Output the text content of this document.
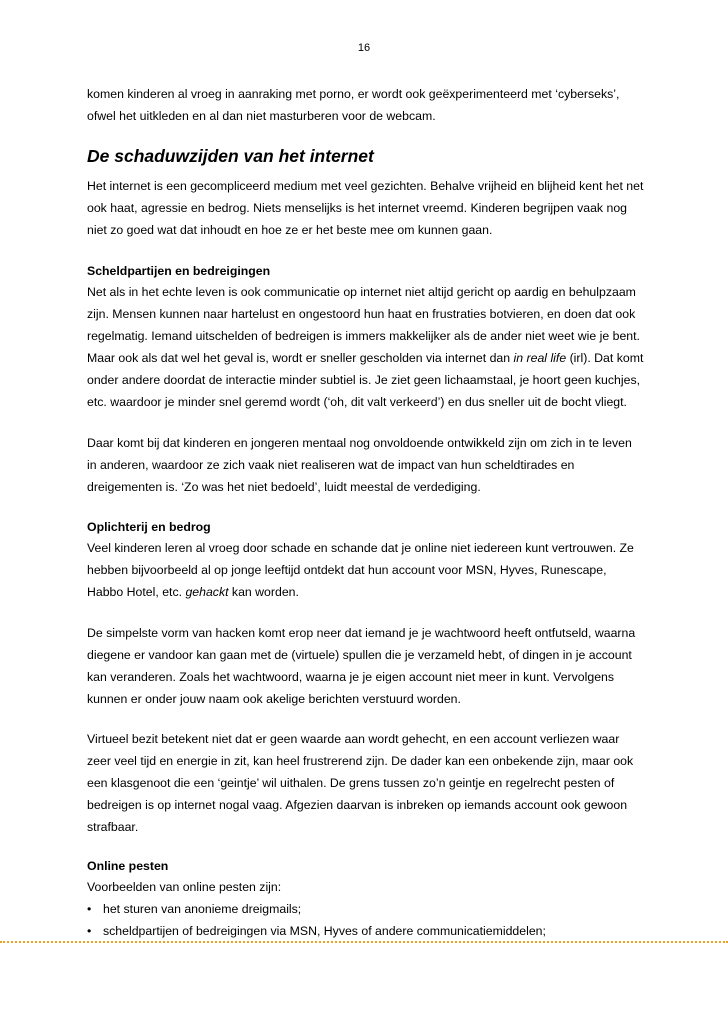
16
komen kinderen al vroeg in aanraking met porno, er wordt ook geëxperimenteerd met ‘cyberseks’,
ofwel het uitkleden en al dan niet masturberen voor de webcam.
De schaduwzijden van het internet
Het internet is een gecompliceerd medium met veel gezichten. Behalve vrijheid en blijheid kent het net
ook haat, agressie en bedrog. Niets menselijks is het internet vreemd. Kinderen begrijpen vaak nog
niet zo goed wat dat inhoudt en hoe ze er het beste mee om kunnen gaan.
Scheldpartijen en bedreigingen
Net als in het echte leven is ook communicatie op internet niet altijd gericht op aardig en behulpzaam
zijn. Mensen kunnen naar hartelust en ongestoord hun haat en frustraties botvieren, en doen dat ook
regelmatig. Iemand uitschelden of bedreigen is immers makkelijker als de ander niet weet wie je bent.
Maar ook als dat wel het geval is, wordt er sneller gescholden via internet dan in real life (irl). Dat komt
onder andere doordat de interactie minder subtiel is. Je ziet geen lichaamstaal, je hoort geen kuchjes,
etc. waardoor je minder snel geremd wordt (‘oh, dit valt verkeerd’) en dus sneller uit de bocht vliegt.
Daar komt bij dat kinderen en jongeren mentaal nog onvoldoende ontwikkeld zijn om zich in te leven
in anderen, waardoor ze zich vaak niet realiseren wat de impact van hun scheldtirades en
dreigementen is. ‘Zo was het niet bedoeld’, luidt meestal de verdediging.
Oplichterij en bedrog
Veel kinderen leren al vroeg door schade en schande dat je online niet iedereen kunt vertrouwen. Ze
hebben bijvoorbeeld al op jonge leeftijd ontdekt dat hun account voor MSN, Hyves, Runescape,
Habbo Hotel, etc. gehackt kan worden.
De simpelste vorm van hacken komt erop neer dat iemand je je wachtwoord heeft ontfutseld, waarna
diegene er vandoor kan gaan met de (virtuele) spullen die je verzameld hebt, of dingen in je account
kan veranderen. Zoals het wachtwoord, waarna je je eigen account niet meer in kunt. Vervolgens
kunnen er onder jouw naam ook akelige berichten verstuurd worden.
Virtueel bezit betekent niet dat er geen waarde aan wordt gehecht, en een account verliezen waar
zeer veel tijd en energie in zit, kan heel frustrerend zijn. De dader kan een onbekende zijn, maar ook
een klasgenoot die een ‘geintje’ wil uithalen. De grens tussen zo’n geintje en regelrecht pesten of
bedreigen is op internet nogal vaag. Afgezien daarvan is inbreken op iemands account ook gewoon
strafbaar.
Online pesten
Voorbeelden van online pesten zijn:
• het sturen van anonieme dreigmails;
• scheldpartijen of bedreigingen via MSN, Hyves of andere communicatiemiddelen;
